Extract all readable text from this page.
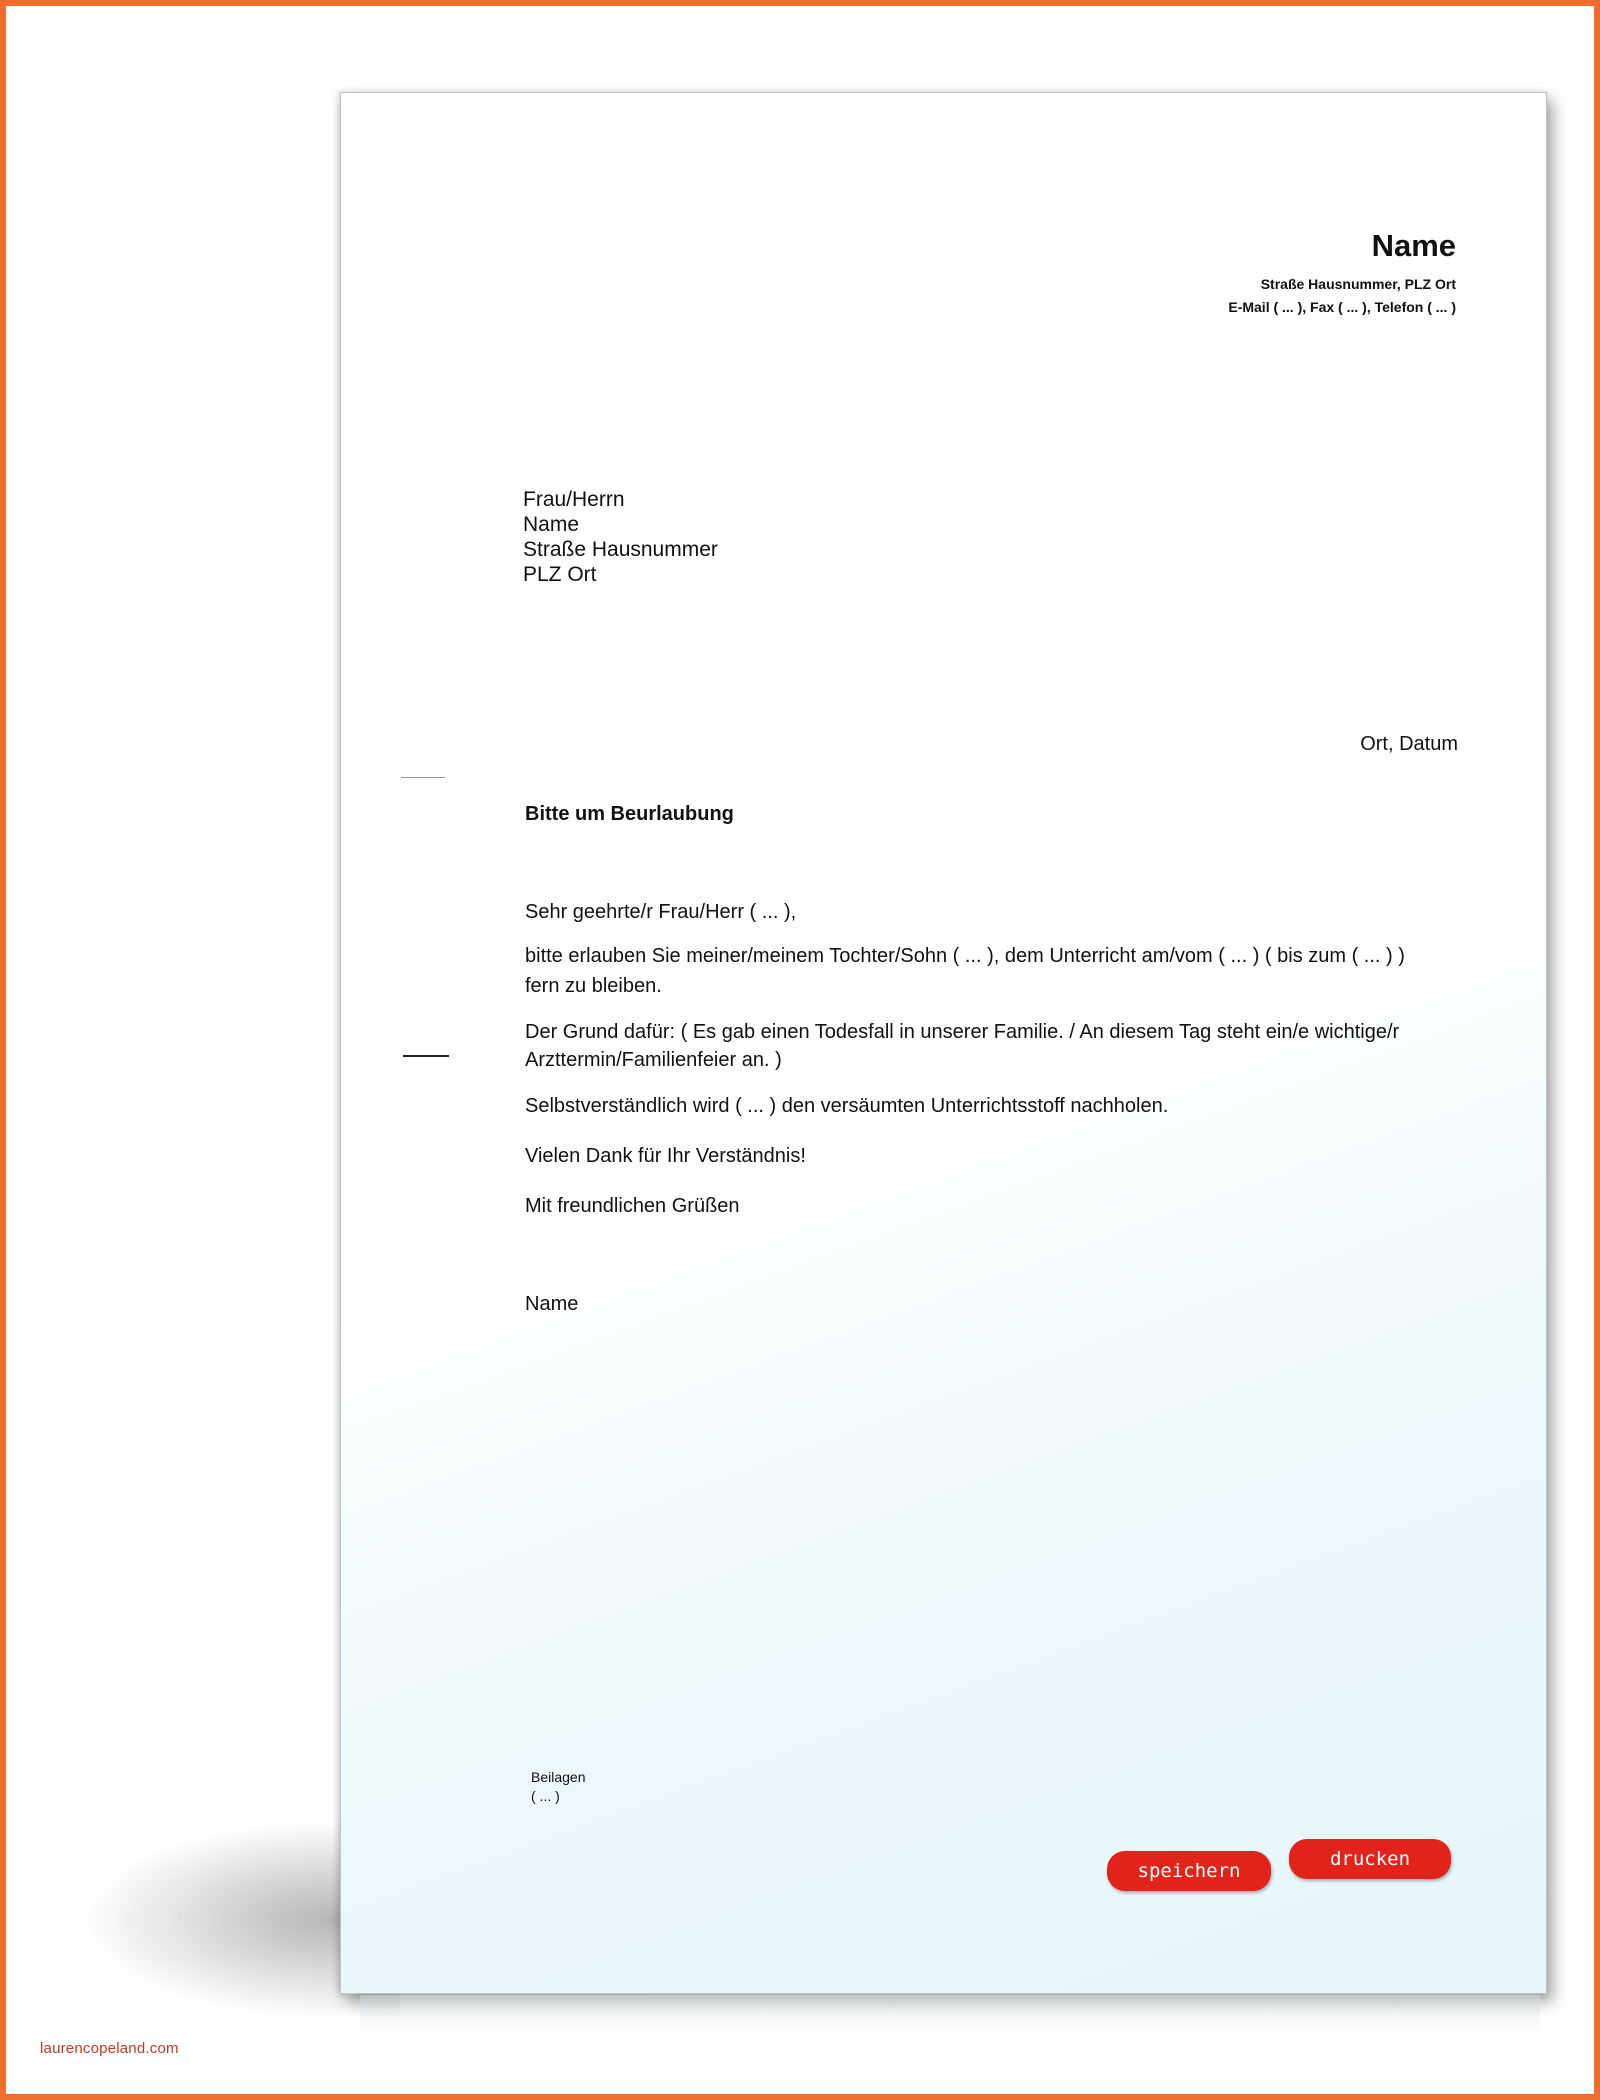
Name
Straße Hausnummer, PLZ Ort
E-Mail ( ... ), Fax ( ... ), Telefon ( ... )
Frau/Herrn
Name
Straße Hausnummer
PLZ Ort
Ort, Datum
Bitte um Beurlaubung
Sehr geehrte/r Frau/Herr ( ... ),
bitte erlauben Sie meiner/meinem Tochter/Sohn ( ... ), dem Unterricht am/vom ( ... ) ( bis zum ( ... ) )
fern zu bleiben.
Der Grund dafür: ( Es gab einen Todesfall in unserer Familie. / An diesem Tag steht ein/e wichtige/r
Arzttermin/Familienfeier an. )
Selbstverständlich wird ( ... ) den versäumten Unterrichtsstoff nachholen.
Vielen Dank für Ihr Verständnis!
Mit freundlichen Grüßen
Name
Beilagen
( ... )
speichern
drucken
laurencopeland.com
